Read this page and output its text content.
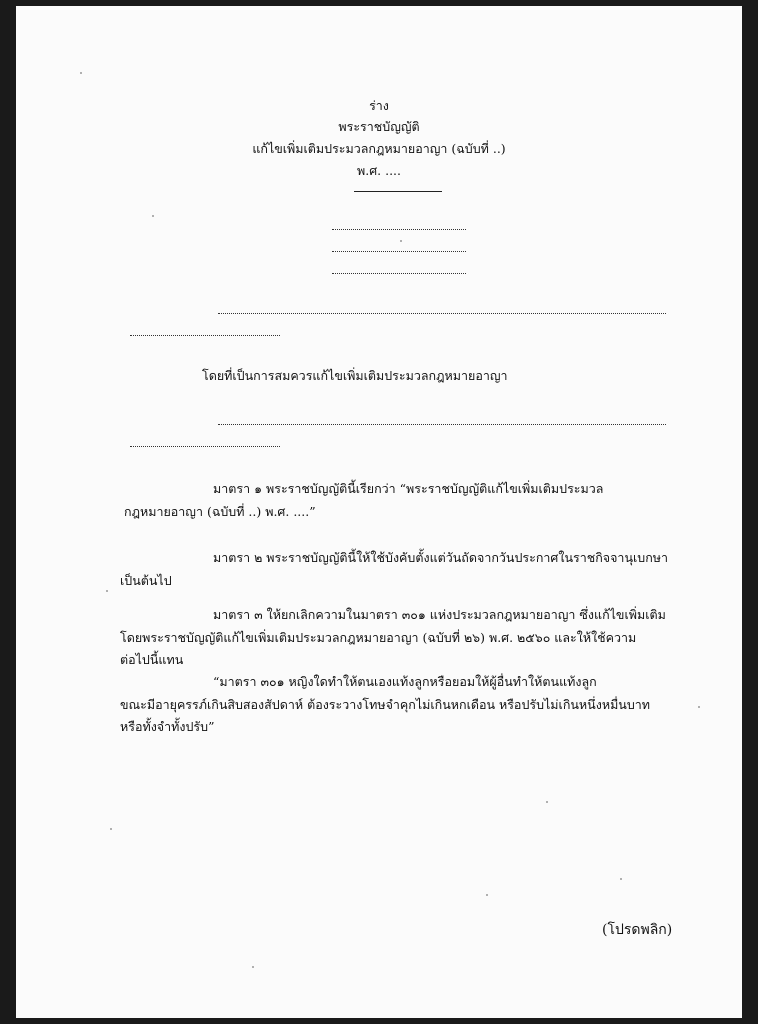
ร่าง
พระราชบัญญัติ
แก้ไขเพิ่มเติมประมวลกฎหมายอาญา (ฉบับที่ ..)
พ.ศ. ....
โดยที่เป็นการสมควรแก้ไขเพิ่มเติมประมวลกฎหมายอาญา
มาตรา ๑ พระราชบัญญัตินี้เรียกว่า “พระราชบัญญัติแก้ไขเพิ่มเติมประมวล
กฎหมายอาญา (ฉบับที่ ..) พ.ศ. ....”
มาตรา ๒ พระราชบัญญัตินี้ให้ใช้บังคับตั้งแต่วันถัดจากวันประกาศในราชกิจจานุเบกษา
เป็นต้นไป
มาตรา ๓ ให้ยกเลิกความในมาตรา ๓๐๑ แห่งประมวลกฎหมายอาญา ซึ่งแก้ไขเพิ่มเติม
โดยพระราชบัญญัติแก้ไขเพิ่มเติมประมวลกฎหมายอาญา (ฉบับที่ ๒๖) พ.ศ. ๒๕๖๐ และให้ใช้ความ
ต่อไปนี้แทน
“มาตรา ๓๐๑ หญิงใดทำให้ตนเองแท้งลูกหรือยอมให้ผู้อื่นทำให้ตนแท้งลูก
ขณะมีอายุครรภ์เกินสิบสองสัปดาห์ ต้องระวางโทษจำคุกไม่เกินหกเดือน หรือปรับไม่เกินหนึ่งหมื่นบาท
หรือทั้งจำทั้งปรับ”
(โปรดพลิก)
